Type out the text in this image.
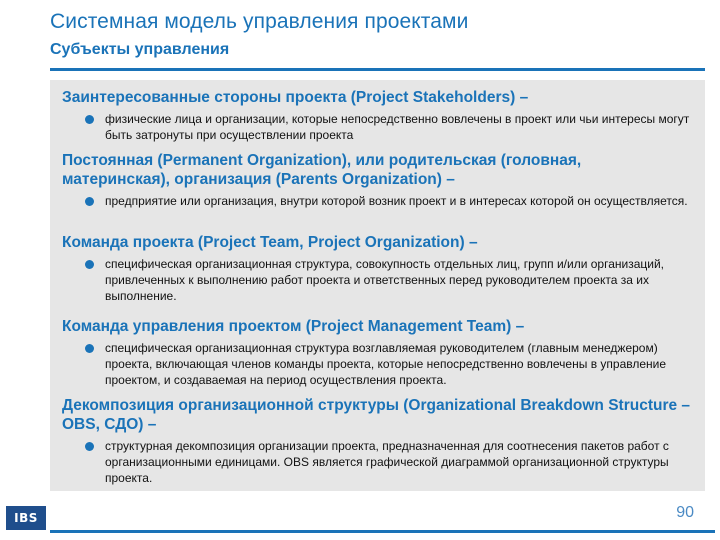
Системная модель управления проектами
Субъекты управления

Заинтересованные стороны проекта (Project Stakeholders) –

физические лица и организации, которые непосредственно вовлечены в проект или чьи интересы могут быть затронуты при осуществлении проекта

Постоянная (Permanent Organization), или родительская (головная, материнская), организация (Parents Organization) –

предприятие или организация, внутри которой возник проект и в интересах которой он осуществляется.

Команда проекта (Project Team, Project Organization) –

специфическая организационная структура, совокупность отдельных лиц, групп и/или организаций, привлеченных к выполнению работ проекта и ответственных перед руководителем проекта за их выполнение.

Команда управления проектом (Project Management Team) –

специфическая организационная структура возглавляемая руководителем (главным менеджером) проекта, включающая членов команды проекта, которые непосредственно вовлечены в управление проектом, и создаваемая на период осуществления проекта.

Декомпозиция организационной структуры (Organizational Breakdown Structure – OBS, СДО) –

структурная декомпозиция организации проекта, предназначенная для соотнесения пакетов работ с организационными единицами. OBS является графической диаграммой организационной структуры проекта.
IBS	90
